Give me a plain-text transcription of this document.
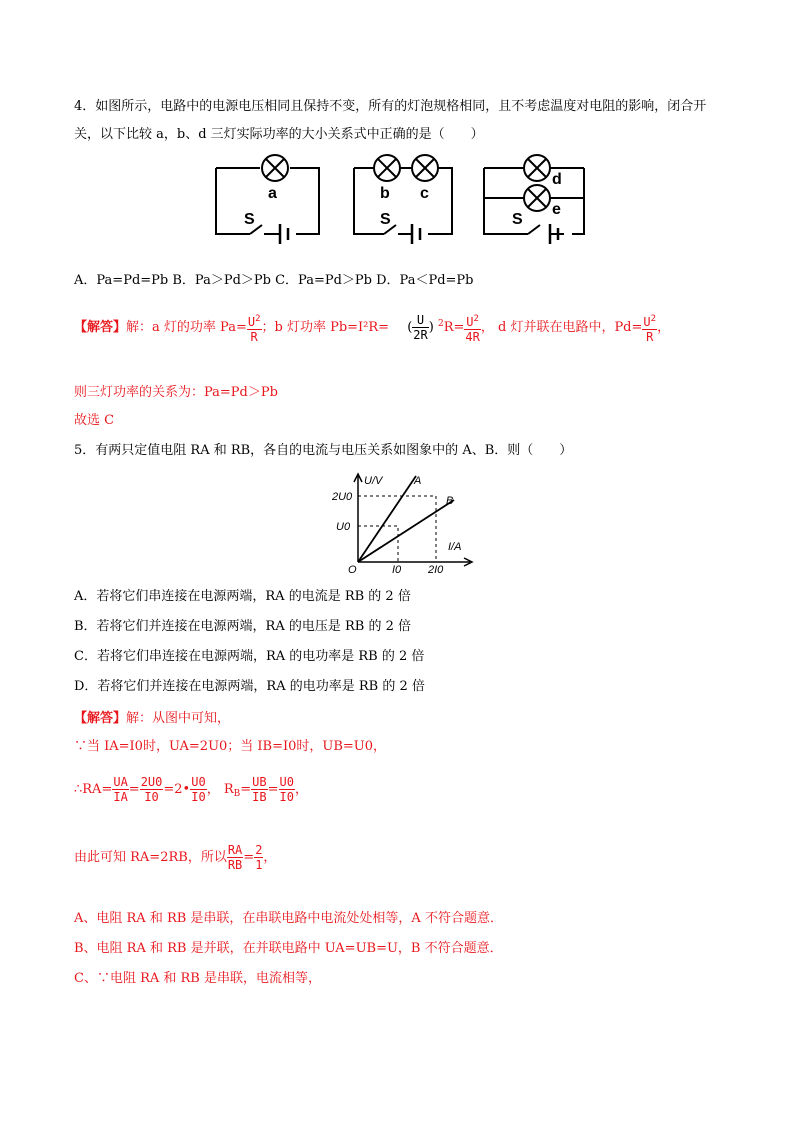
4．如图所示，电路中的电源电压相同且保持不变，所有的灯泡规格相同，且不考虑温度对电阻的影响，闭合开
关，以下比较 a，b、d 三灯实际功率的大小关系式中正确的是（　　）
a	b c
d
e
S	S	S
A．Pa=Pd=Pb B．Pa＞Pd＞Pb C．Pa=Pd＞Pb D．Pa＜Pd=Pb
【解答】解：a 灯的功率 $Pa= \frac{U^2}{R}$ ；b 灯功率 Pb=I²R= ( $\frac{U}{2R}$ ) $^2R= \frac{U^2}{4R}$ ， d 灯并联在电路中，$Pd= \frac{U^2}{R}$ ，
则三灯功率的关系为：Pa=Pd＞Pb
故选 C
5．有两只定值电阻 RA 和 RB，各自的电流与电压关系如图象中的 A、B．则（　　）
U/V
I/A
2U0
U0
O	I0 2I0
A
B
A．若将它们串连接在电源两端，RA 的电流是 RB 的 2 倍
B．若将它们并连接在电源两端，RA 的电压是 RB 的 2 倍
C．若将它们串连接在电源两端，RA 的电功率是 RB 的 2 倍
D．若将它们并连接在电源两端，RA 的电功率是 RB 的 2 倍
【解答】解：从图中可知，
∵当 IA=I0时，UA=2U0；当 IB=I0时，UB=U0，
∴RA= $\frac{UA}{IA} = \frac{2U0}{I0}$ =2• $\frac{U0}{I0}$ ， $R_B= \frac{UB}{IB} = \frac{U0}{I0}$ ，
由此可知 RA=2RB，所以 $\frac{RA}{RB} = \frac{2}{1}$ ，
A、电阻 RA 和 RB 是串联，在串联电路中电流处处相等，A 不符合题意．
B、电阻 RA 和 RB 是并联，在并联电路中 UA=UB=U，B 不符合题意．
C、∵电阻 RA 和 RB 是串联，电流相等，
